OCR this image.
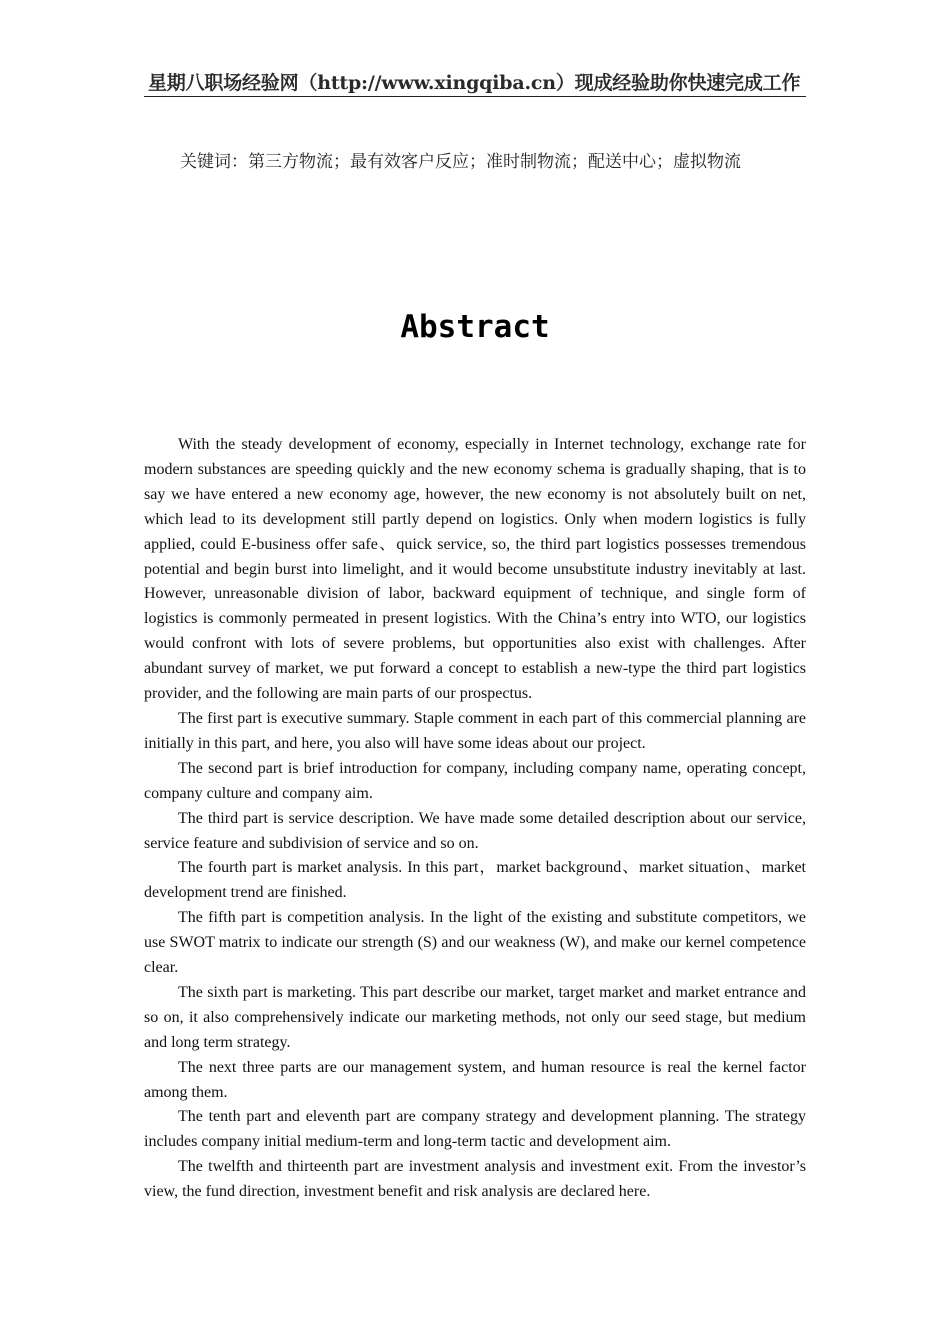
星期八职场经验网（http://www.xingqiba.cn）现成经验助你快速完成工作
关键词：第三方物流；最有效客户反应；准时制物流；配送中心；虚拟物流
Abstract

With the steady development of economy, especially in Internet technology, exchange rate for modern substances are speeding quickly and the new economy schema is gradually shaping, that is to say we have entered a new economy age, however, the new economy is not absolutely built on net, which lead to its development still partly depend on logistics. Only when modern logistics is fully applied, could E-business offer safe、quick service, so, the third part logistics possesses tremendous potential and begin burst into limelight, and it would become unsubstitute industry inevitably at last. However, unreasonable division of labor, backward equipment of technique, and single form of logistics is commonly permeated in present logistics. With the China’s entry into WTO, our logistics would confront with lots of severe problems, but opportunities also exist with challenges. After abundant survey of market, we put forward a concept to establish a new-type the third part logistics provider, and the following are main parts of our prospectus.

The first part is executive summary. Staple comment in each part of this commercial planning are initially in this part, and here, you also will have some ideas about our project.

The second part is brief introduction for company, including company name, operating concept, company culture and company aim.

The third part is service description. We have made some detailed description about our service, service feature and subdivision of service and so on.

The fourth part is market analysis. In this part，market background、market situation、market development trend are finished.

The fifth part is competition analysis. In the light of the existing and substitute competitors, we use SWOT matrix to indicate our strength (S) and our weakness (W), and make our kernel competence clear.

The sixth part is marketing. This part describe our market, target market and market entrance and so on, it also comprehensively indicate our marketing methods, not only our seed stage, but medium and long term strategy.

The next three parts are our management system, and human resource is real the kernel factor among them.

The tenth part and eleventh part are company strategy and development planning. The strategy includes company initial medium-term and long-term tactic and development aim.

The twelfth and thirteenth part are investment analysis and investment exit. From the investor’s view, the fund direction, investment benefit and risk analysis are declared here.
